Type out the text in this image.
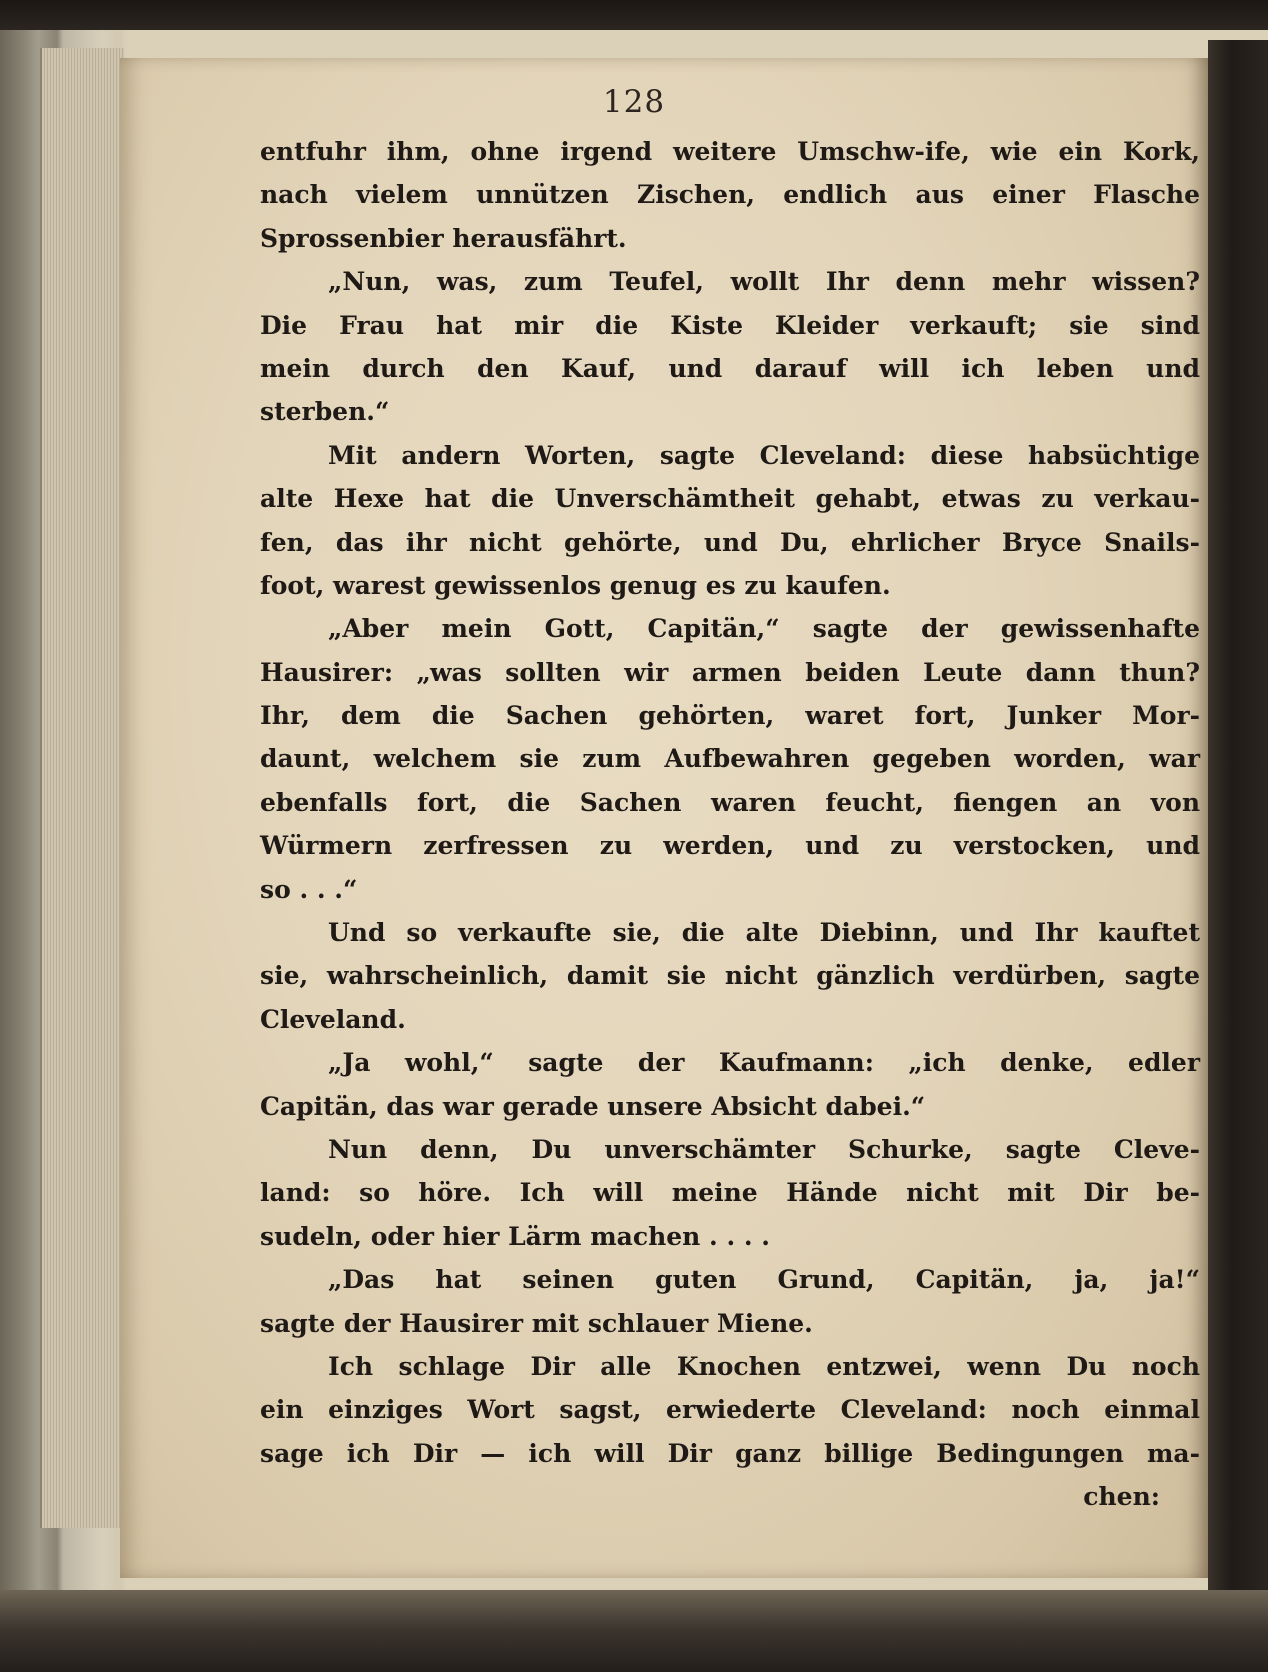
128
entfuhr ihm, ohne irgend weitere Umschw-ife, wie ein Kork,
nach vielem unnützen Zischen, endlich aus einer Flasche
Sprossenbier herausfährt.
„Nun, was, zum Teufel, wollt Ihr denn mehr wissen?
Die Frau hat mir die Kiste Kleider verkauft; sie sind
mein durch den Kauf, und darauf will ich leben und
sterben.“
Mit andern Worten, sagte Cleveland: diese habsüchtige
alte Hexe hat die Unverschämtheit gehabt, etwas zu verkau-
fen, das ihr nicht gehörte, und Du, ehrlicher Bryce Snails-
foot, warest gewissenlos genug es zu kaufen.
„Aber mein Gott, Capitän,“ sagte der gewissenhafte
Hausirer: „was sollten wir armen beiden Leute dann thun?
Ihr, dem die Sachen gehörten, waret fort, Junker Mor-
daunt, welchem sie zum Aufbewahren gegeben worden, war
ebenfalls fort, die Sachen waren feucht, fiengen an von
Würmern zerfressen zu werden, und zu verstocken, und
so . . .“
Und so verkaufte sie, die alte Diebinn, und Ihr kauftet
sie, wahrscheinlich, damit sie nicht gänzlich verdürben, sagte
Cleveland.
„Ja wohl,“ sagte der Kaufmann: „ich denke, edler
Capitän, das war gerade unsere Absicht dabei.“
Nun denn, Du unverschämter Schurke, sagte Cleve-
land: so höre. Ich will meine Hände nicht mit Dir be-
sudeln, oder hier Lärm machen . . . .
„Das hat seinen guten Grund, Capitän, ja, ja!“
sagte der Hausirer mit schlauer Miene.
Ich schlage Dir alle Knochen entzwei, wenn Du noch
ein einziges Wort sagst, erwiederte Cleveland: noch einmal
sage ich Dir — ich will Dir ganz billige Bedingungen ma-
chen:
